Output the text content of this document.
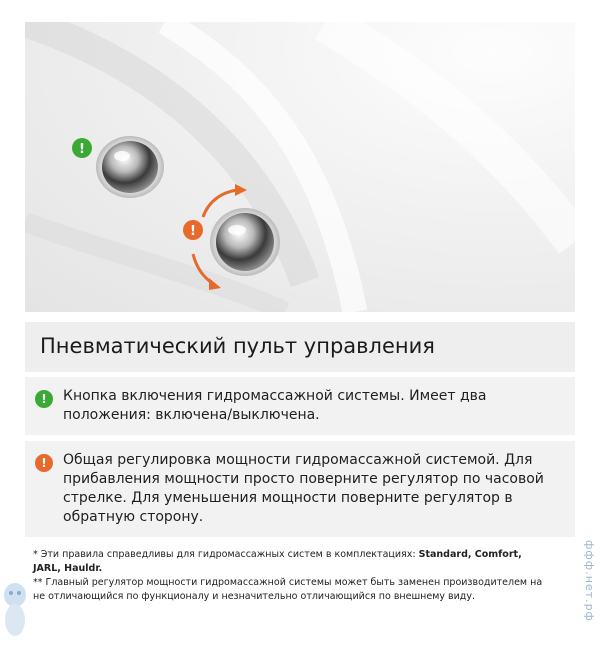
!
!
Пневматический пульт управления
!	Кнопка включения гидромассажной системы. Имеет два положения: включена/выключена.
!	Общая регулировка мощности гидромассажной системой. Для прибавления мощности просто поверните регулятор по часовой стрелке. Для уменьшения мощности поверните регулятор в обратную сторону.
* Эти правила справедливы для гидромассажных систем в комплектациях: Standard, Comfort, JARL, Hauldr.
** Главный регулятор мощности гидромассажной системы может быть заменен производителем на не отличающийся по функционалу и незначительно отличающийся по внешнему виду.	ффф.нет.рф
